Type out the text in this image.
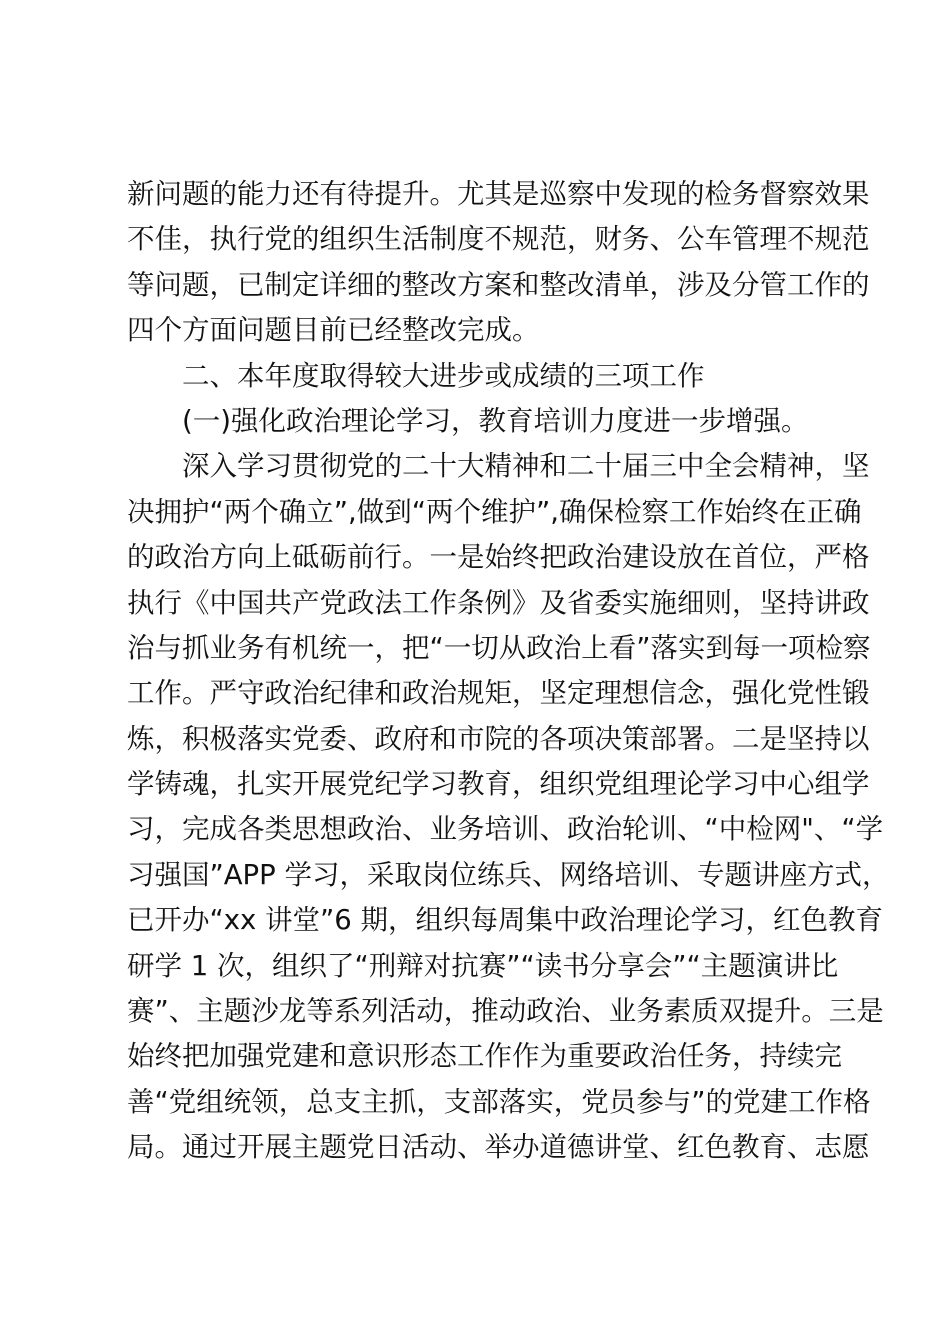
新问题的能力还有待提升。尤其是巡察中发现的检务督察效果
不佳，执行党的组织生活制度不规范，财务、公车管理不规范
等问题，已制定详细的整改方案和整改清单，涉及分管工作的
四个方面问题目前已经整改完成。
二、本年度取得较大进步或成绩的三项工作
(一)强化政治理论学习，教育培训力度进一步增强。
深入学习贯彻党的二十大精神和二十届三中全会精神，坚
决拥护“两个确立”,做到“两个维护”,确保检察工作始终在正确
的政治方向上砥砺前行。一是始终把政治建设放在首位，严格
执行《中国共产党政法工作条例》及省委实施细则，坚持讲政
治与抓业务有机统一，把“一切从政治上看”落实到每一项检察
工作。严守政治纪律和政治规矩，坚定理想信念，强化党性锻
炼，积极落实党委、政府和市院的各项决策部署。二是坚持以
学铸魂，扎实开展党纪学习教育，组织党组理论学习中心组学
习，完成各类思想政治、业务培训、政治轮训、“中检网"、“学
习强国”APP 学习，采取岗位练兵、网络培训、专题讲座方式，
已开办“xx 讲堂”6 期，组织每周集中政治理论学习，红色教育
研学 1 次，组织了“刑辩对抗赛”“读书分享会”“主题演讲比
赛”、主题沙龙等系列活动，推动政治、业务素质双提升。三是
始终把加强党建和意识形态工作作为重要政治任务，持续完
善“党组统领，总支主抓，支部落实，党员参与”的党建工作格
局。通过开展主题党日活动、举办道德讲堂、红色教育、志愿
